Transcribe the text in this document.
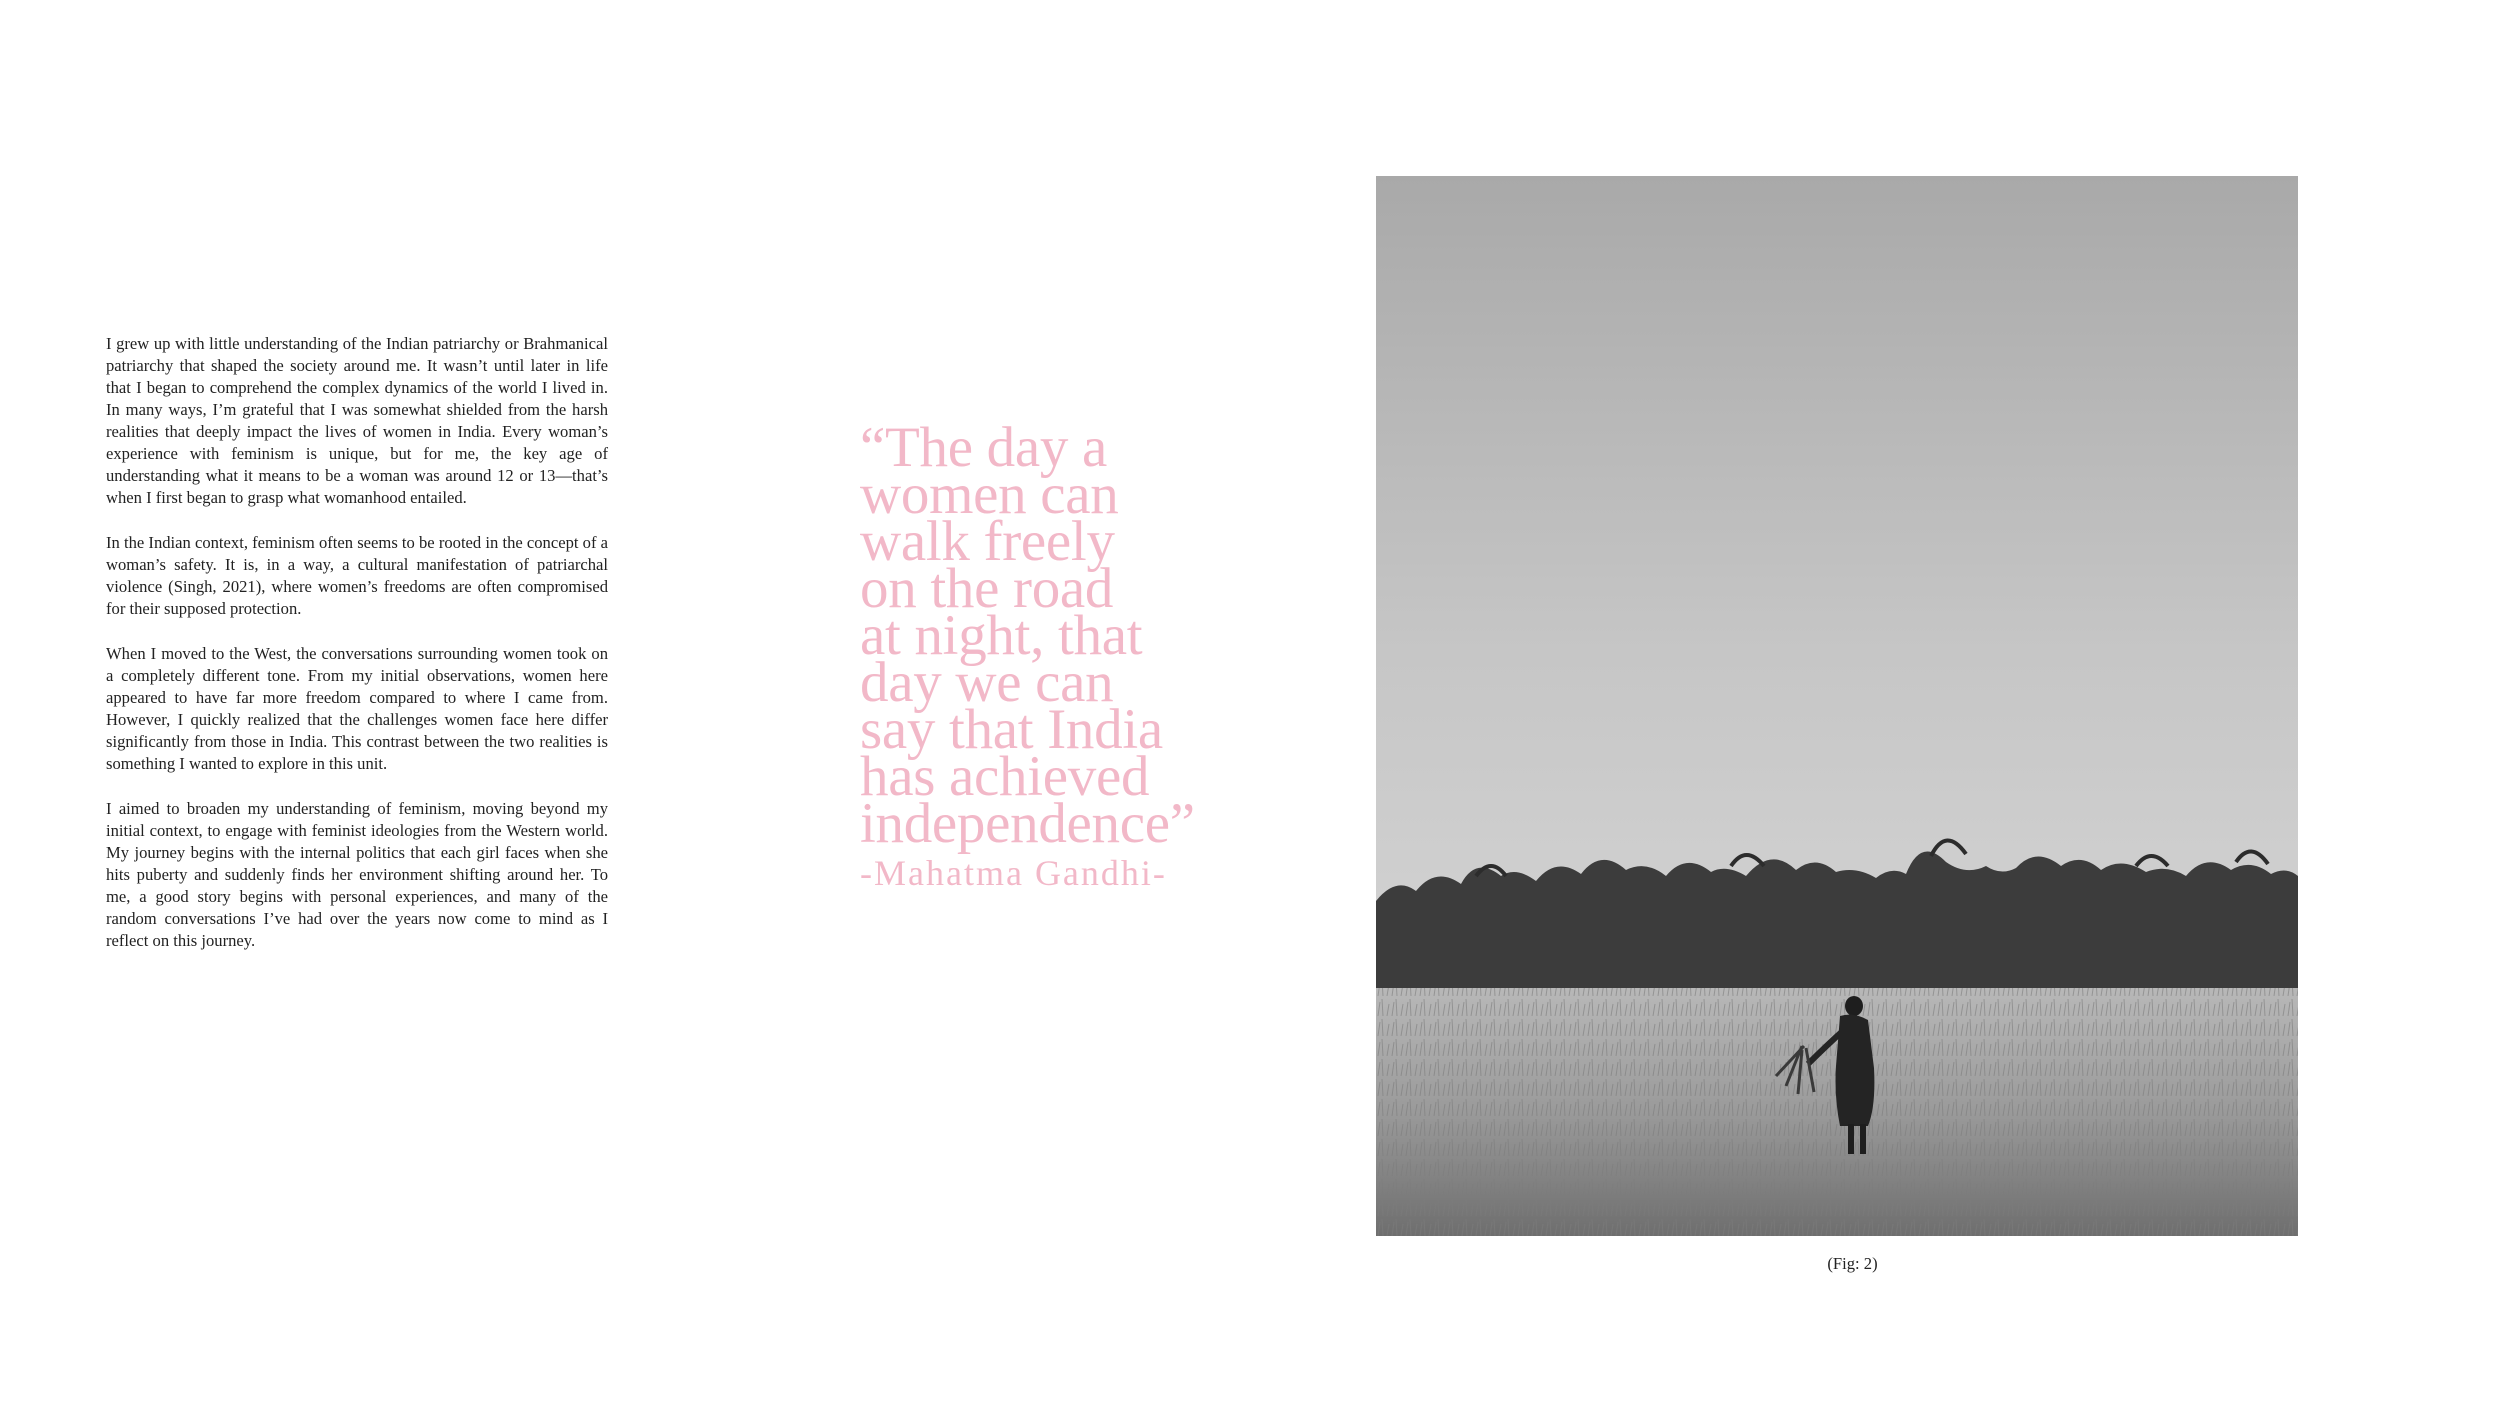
I grew up with little understanding of the Indian patriarchy or Brahmanical patriarchy that shaped the society around me. It wasn’t until later in life that I began to comprehend the complex dynamics of the world I lived in. In many ways, I’m grateful that I was somewhat shielded from the harsh realities that deeply impact the lives of women in India. Every woman’s experience with feminism is unique, but for me, the key age of understanding what it means to be a woman was around 12 or 13—that’s when I first began to grasp what womanhood entailed.

In the Indian context, feminism often seems to be rooted in the concept of a woman’s safety. It is, in a way, a cultural manifestation of patriarchal violence (Singh, 2021), where women’s freedoms are often compromised for their supposed protection.

When I moved to the West, the conversations surrounding women took on a completely different tone. From my initial observations, women here appeared to have far more freedom compared to where I came from. However, I quickly realized that the challenges women face here differ significantly from those in India. This contrast between the two realities is something I wanted to explore in this unit.

I aimed to broaden my understanding of feminism, moving beyond my initial context, to engage with feminist ideologies from the Western world. My journey begins with the internal politics that each girl faces when she hits puberty and suddenly finds her environment shifting around her. To me, a good story begins with personal experiences, and many of the random conversations I’ve had over the years now come to mind as I reflect on this journey.

“The day a
women can
walk freely
on the road
at night, that
day we can
say that India
has achieved
independence”
-Mahatma Gandhi-
(Fig: 2)
